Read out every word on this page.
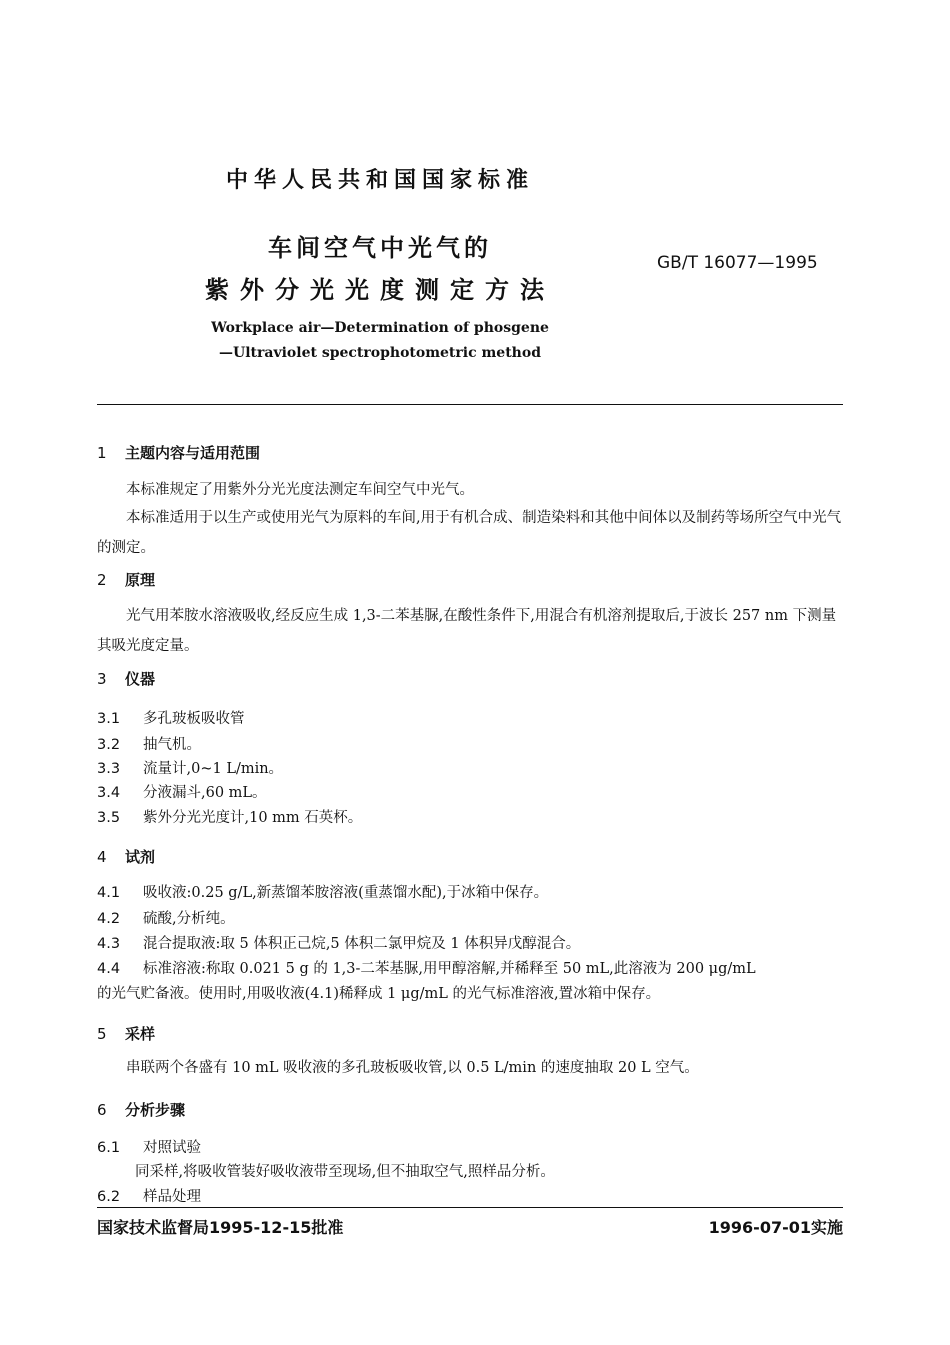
中华人民共和国国家标准
车间空气中光气的
紫外分光光度测定方法
GB/T 16077—1995
Workplace air—Determination of phosgene
—Ultraviolet spectrophotometric method
1 主题内容与适用范围
本标准规定了用紫外分光光度法测定车间空气中光气。
本标准适用于以生产或使用光气为原料的车间,用于有机合成、制造染料和其他中间体以及制药等场所空气中光气的测定。
2 原理
光气用苯胺水溶液吸收,经反应生成 1,3-二苯基脲,在酸性条件下,用混合有机溶剂提取后,于波长 257 nm 下测量其吸光度定量。
3 仪器
3.1 多孔玻板吸收管
3.2 抽气机。
3.3 流量计,0~1 L/min。
3.4 分液漏斗,60 mL。
3.5 紫外分光光度计,10 mm 石英杯。
4 试剂
4.1 吸收液:0.25 g/L,新蒸馏苯胺溶液(重蒸馏水配),于冰箱中保存。
4.2 硫酸,分析纯。
4.3 混合提取液:取 5 体积正己烷,5 体积二氯甲烷及 1 体积异戊醇混合。
4.4 标准溶液:称取 0.021 5 g 的 1,3-二苯基脲,用甲醇溶解,并稀释至 50 mL,此溶液为 200 μg/mL
的光气贮备液。使用时,用吸收液(4.1)稀释成 1 μg/mL 的光气标准溶液,置冰箱中保存。
5 采样
串联两个各盛有 10 mL 吸收液的多孔玻板吸收管,以 0.5 L/min 的速度抽取 20 L 空气。
6 分析步骤
6.1 对照试验
同采样,将吸收管装好吸收液带至现场,但不抽取空气,照样品分析。
6.2 样品处理
国家技术监督局1995-12-15批准	1996-07-01实施
